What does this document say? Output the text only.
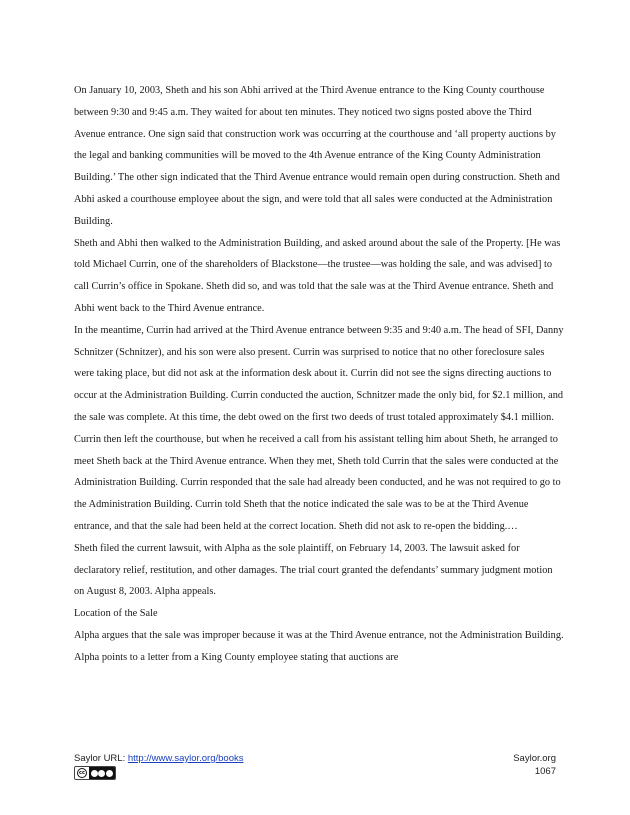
On January 10, 2003, Sheth and his son Abhi arrived at the Third Avenue entrance to the King County courthouse between 9:30 and 9:45 a.m. They waited for about ten minutes. They noticed two signs posted above the Third Avenue entrance. One sign said that construction work was occurring at the courthouse and ‘all property auctions by the legal and banking communities will be moved to the 4th Avenue entrance of the King County Administration Building.’ The other sign indicated that the Third Avenue entrance would remain open during construction. Sheth and Abhi asked a courthouse employee about the sign, and were told that all sales were conducted at the Administration Building.

Sheth and Abhi then walked to the Administration Building, and asked around about the sale of the Property. [He was told Michael Currin, one of the shareholders of Blackstone—the trustee—was holding the sale, and was advised] to call Currin’s office in Spokane. Sheth did so, and was told that the sale was at the Third Avenue entrance. Sheth and Abhi went back to the Third Avenue entrance.

In the meantime, Currin had arrived at the Third Avenue entrance between 9:35 and 9:40 a.m. The head of SFI, Danny Schnitzer (Schnitzer), and his son were also present. Currin was surprised to notice that no other foreclosure sales were taking place, but did not ask at the information desk about it. Currin did not see the signs directing auctions to occur at the Administration Building. Currin conducted the auction, Schnitzer made the only bid, for $2.1 million, and the sale was complete. At this time, the debt owed on the first two deeds of trust totaled approximately $4.1 million. Currin then left the courthouse, but when he received a call from his assistant telling him about Sheth, he arranged to meet Sheth back at the Third Avenue entrance. When they met, Sheth told Currin that the sales were conducted at the Administration Building. Currin responded that the sale had already been conducted, and he was not required to go to the Administration Building. Currin told Sheth that the notice indicated the sale was to be at the Third Avenue entrance, and that the sale had been held at the correct location. Sheth did not ask to re-open the bidding.…

Sheth filed the current lawsuit, with Alpha as the sole plaintiff, on February 14, 2003. The lawsuit asked for declaratory relief, restitution, and other damages. The trial court granted the defendants’ summary judgment motion on August 8, 2003. Alpha appeals.

Location of the Sale

Alpha argues that the sale was improper because it was at the Third Avenue entrance, not the Administration Building. Alpha points to a letter from a King County employee stating that auctions are

Saylor URL: http://www.saylor.org/books
cc
Saylor.org
1067
